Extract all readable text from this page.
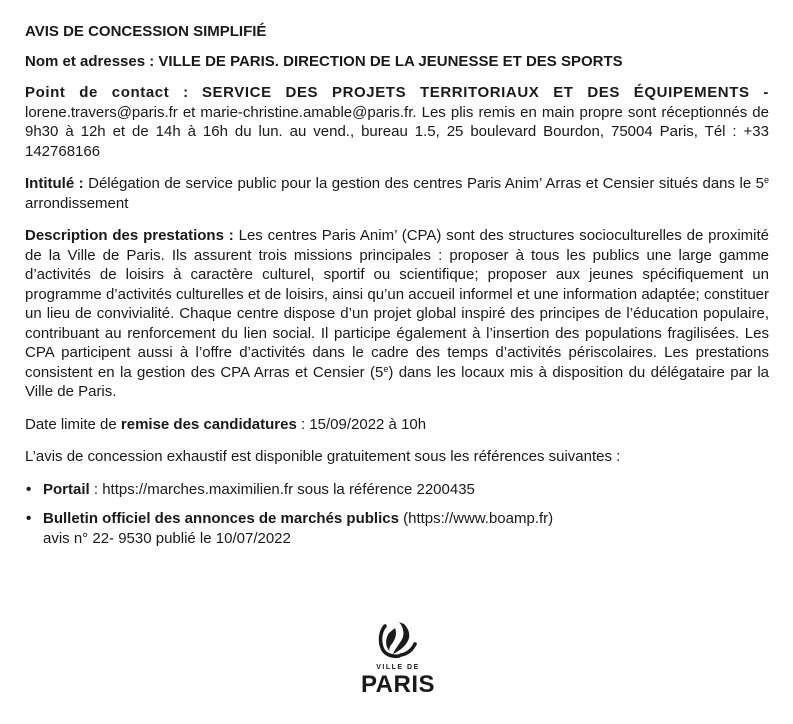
AVIS DE CONCESSION SIMPLIFIÉ

Nom et adresses : VILLE DE PARIS. DIRECTION DE LA JEUNESSE ET DES SPORTS

Point de contact : SERVICE DES PROJETS TERRITORIAUX ET DES ÉQUIPEMENTS - lorene.travers@paris.fr et marie-christine.amable@paris.fr. Les plis remis en main propre sont réceptionnés de 9h30 à 12h et de 14h à 16h du lun. au vend., bureau 1.5, 25 boulevard Bourdon, 75004 Paris, Tél : +33 142768166

Intitulé : Délégation de service public pour la gestion des centres Paris Anim’ Arras et Censier situés dans le 5e arrondissement

Description des prestations : Les centres Paris Anim’ (CPA) sont des structures socioculturelles de proximité de la Ville de Paris. Ils assurent trois missions principales : proposer à tous les publics une large gamme d’activités de loisirs à caractère culturel, sportif ou scientifique; proposer aux jeunes spécifiquement un programme d’activités culturelles et de loisirs, ainsi qu’un accueil informel et une information adaptée; constituer un lieu de convivialité. Chaque centre dispose d’un projet global inspiré des principes de l’éducation populaire, contribuant au renforcement du lien social. Il participe également à l’insertion des populations fragilisées. Les CPA participent aussi à l’offre d’activités dans le cadre des temps d’activités périscolaires. Les prestations consistent en la gestion des CPA Arras et Censier (5e) dans les locaux mis à disposition du délégataire par la Ville de Paris.

Date limite de remise des candidatures : 15/09/2022 à 10h

L’avis de concession exhaustif est disponible gratuitement sous les références suivantes :

• Portail : https://marches.maximilien.fr sous la référence 2200435
• Bulletin officiel des annonces de marchés publics (https://www.boamp.fr)
avis n° 22- 9530 publié le 10/07/2022
VILLE DE
PARIS
